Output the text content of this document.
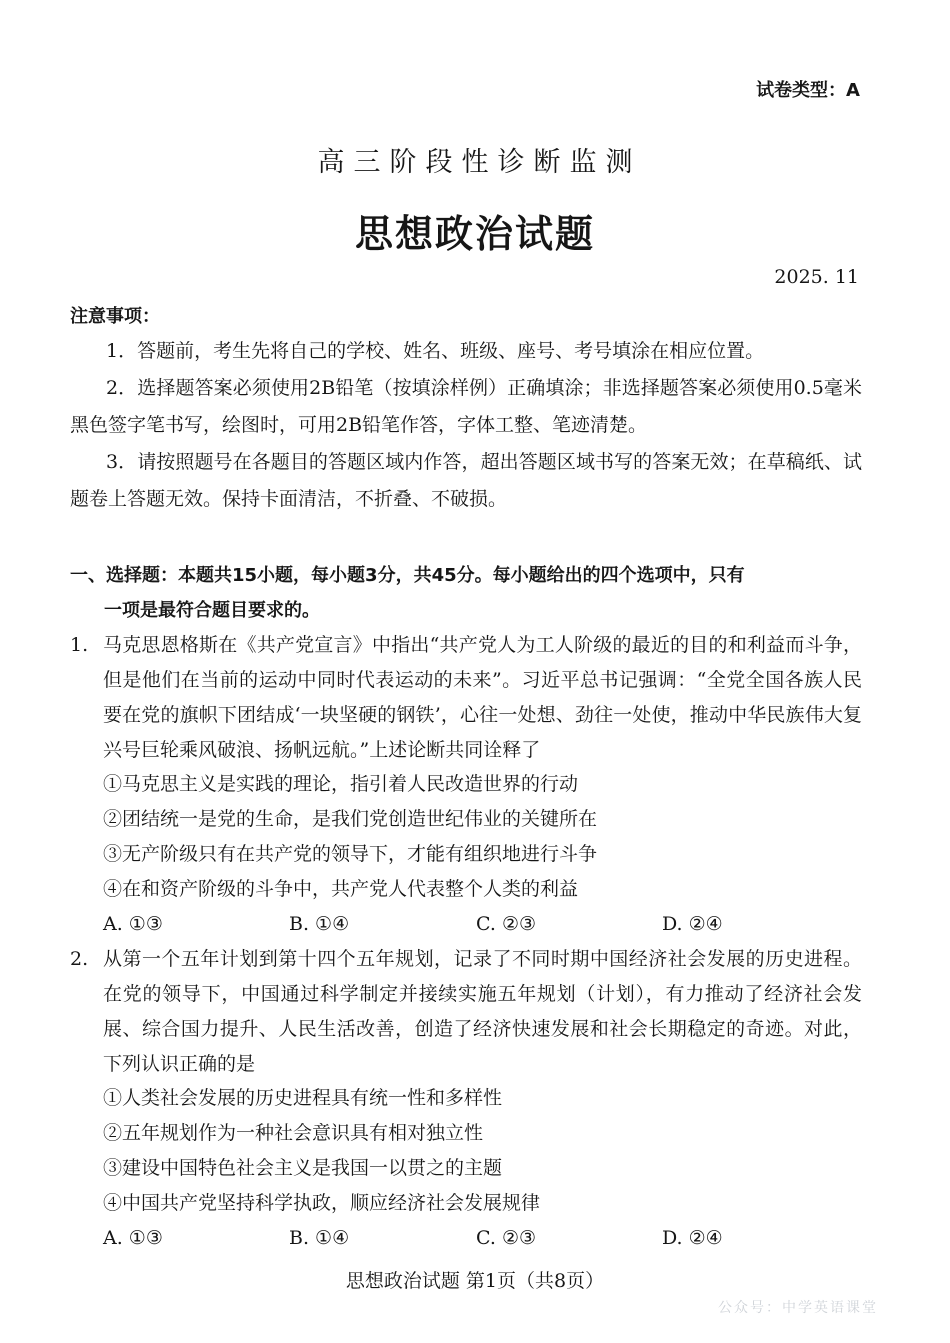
试卷类型：A
高三阶段性诊断监测
思想政治试题
2025. 11
注意事项：

1．答题前，考生先将自己的学校、姓名、班级、座号、考号填涂在相应位置。

2．选择题答案必须使用2B铅笔（按填涂样例）正确填涂；非选择题答案必须使用0.5毫米黑色签字笔书写，绘图时，可用2B铅笔作答，字体工整、笔迹清楚。

3．请按照题号在各题目的答题区域内作答，超出答题区域书写的答案无效；在草稿纸、试题卷上答题无效。保持卡面清洁，不折叠、不破损。

一、选择题：本题共15小题，每小题3分，共45分。每小题给出的四个选项中，只有
一项是最符合题目要求的。
1. 马克思恩格斯在《共产党宣言》中指出“共产党人为工人阶级的最近的目的和利益而斗争，但是他们在当前的运动中同时代表运动的未来”。习近平总书记强调：“全党全国各族人民要在党的旗帜下团结成‘一块坚硬的钢铁’，心往一处想、劲往一处使，推动中华民族伟大复兴号巨轮乘风破浪、扬帆远航。”上述论断共同诠释了
①马克思主义是实践的理论，指引着人民改造世界的行动
②团结统一是党的生命，是我们党创造世纪伟业的关键所在
③无产阶级只有在共产党的领导下，才能有组织地进行斗争
④在和资产阶级的斗争中，共产党人代表整个人类的利益
A. ①③	B. ①④	C. ②③	D. ②④
2. 从第一个五年计划到第十四个五年规划，记录了不同时期中国经济社会发展的历史进程。在党的领导下，中国通过科学制定并接续实施五年规划（计划），有力推动了经济社会发展、综合国力提升、人民生活改善，创造了经济快速发展和社会长期稳定的奇迹。对此，下列认识正确的是
①人类社会发展的历史进程具有统一性和多样性
②五年规划作为一种社会意识具有相对独立性
③建设中国特色社会主义是我国一以贯之的主题
④中国共产党坚持科学执政，顺应经济社会发展规律
A. ①③	B. ①④	C. ②③	D. ②④
思想政治试题 第1页（共8页）
公众号：中学英语课堂
